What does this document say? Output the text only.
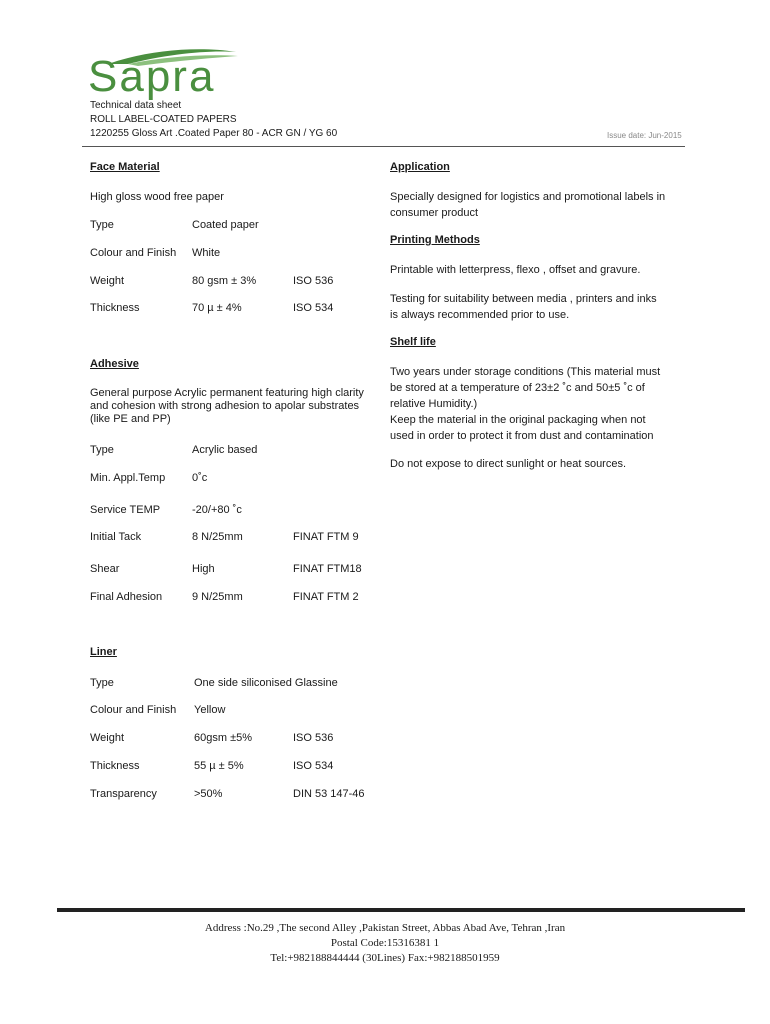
Sapra
Technical data sheet
ROLL LABEL-COATED PAPERS
1220255 Gloss Art .Coated Paper 80 - ACR GN / YG 60	Issue date: Jun-2015
Face Material
High gloss wood free paper
Type	Coated paper
Colour and Finish White
Weight	80 gsm ± 3%	ISO 536
Thickness	70 µ ± 4%	ISO 534
Application
Specially designed for logistics and promotional labels in
consumer product
Printing Methods
Printable with letterpress, flexo , offset and gravure.
Testing for suitability between media , printers and inks
is always recommended prior to use.
Shelf life
Two years under storage conditions (This material must
be stored at a temperature of 23±2 ˚c and 50±5 ˚c of
relative Humidity.)
Keep the material in the original packaging when not
used in order to protect it from dust and contamination
Do not expose to direct sunlight or heat sources.
Adhesive
General purpose Acrylic permanent featuring high clarity
and cohesion with strong adhesion to apolar substrates
(like PE and PP)
Type	Acrylic based
Min. Appl.Temp 0˚c
Service TEMP	-20/+80 ˚c
Initial Tack	8 N/25mm	FINAT FTM 9
Shear	High	FINAT FTM18
Final Adhesion	9 N/25mm	FINAT FTM 2
Liner
Type	One side siliconised Glassine
Colour and Finish Yellow
Weight	60gsm ±5%	ISO 536
Thickness	55 µ ± 5%	ISO 534
Transparency	>50%	DIN 53 147-46
Address :No.29 ,The second Alley ,Pakistan Street, Abbas Abad Ave, Tehran ,Iran
Postal Code:15316381 1
Tel:+982188844444 (30Lines) Fax:+982188501959
